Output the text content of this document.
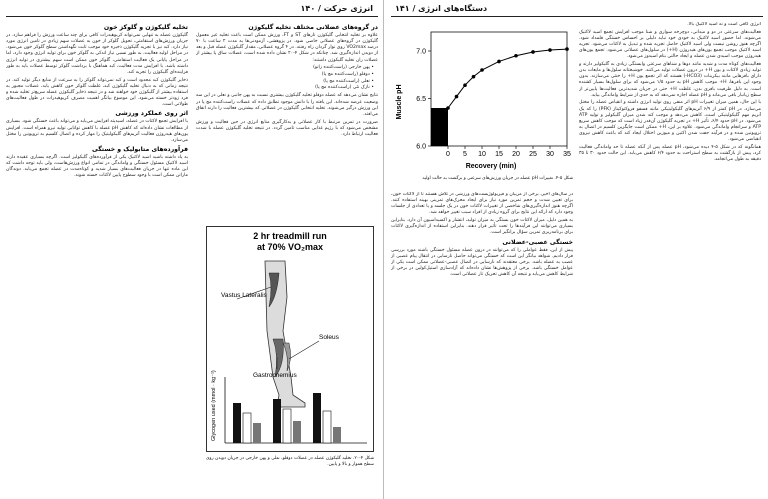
۱۴۰ / انرژی حرکت
در گروه‌های عضلانی مختلف تخلیه گلیکوژن

علاوه بر تخلیه انتخابی گلیکوژن تارهای ST و FT، ورزش ممکن است باعث تخلیه غیر معمول گلیکوژن در گروه‌های عضلانی خاصی شود. در پژوهشی، آزمودنی‌ها به مدت ۲ ساعت با ۷۰ درصد VO2max روی نوار گردان راه رفتند. در ۴ گروه عضلانی، مقدار گلیکوژن عضله قبل و بعد از دویدن اندازه‌گیری شد. چنانکه در شکل ۴-۲۰ نشان داده شده است، عضلات ساق پا بیشتر از عضلات ران تخلیه گلیکوژن داشتند:

• پهن خارجی (راست‌کننده زانو)
• دوقلو (راست‌کننده مچ پا)
• نعلی (راست‌کننده مچ پا)
• نازک نئی (راست‌کننده مچ پا)

نتایج نشان می‌دهد که عضله دوقلو تخلیه گلیکوژن بیشتری نسبت به پهن جانبی و نعلی در این سه وضعیت عرضه شده‌اند. این یافته را با دانش موجود تطابق داده که عضلات راست‌کننده مچ پا در این ورزش درگیر می‌شوند. تخلیه انتخابی گلیکوژن در عضلاتی که بیشترین فعالیت را دارند اتفاق می‌افتد.

ضرورت در تمرین مرتبط با کار عضلانی و به‌کارگیری منابع انرژی در حین فعالیت و ورزش مشخص می‌شود که با رژیم غذایی مناسب تامین گردد. در نتیجه تخلیه گلیکوژن عضله با شدت فعالیت ارتباط دارد.

تخلیه گلیکوژن و گلوکز خون

گلیکوژن عضله به تنهایی نمی‌تواند کربوهیدرات کافی برای چند ساعت ورزش را فراهم سازد. در جریان ورزش‌های استقامتی، تحویل گلوکز از خون به عضلات سهم زیادی در تامین انرژی مورد نیاز دارد. کبد نیز با تجزیه گلیکوژن ذخیره خود موجب ثابت نگهداشتن سطح گلوکز خون می‌شود. در مراحل اولیه فعالیت، به طور نسبی نیاز اندکی به گلوکز خون برای تولید انرژی وجود دارد، اما در مراحل پایانی یک فعالیت استقامتی، گلوکز خون ممکن است سهم بیشتری در تولید انرژی داشته باشد. با افزایش مدت فعالیت، کبد هماهنگ با برداشت گلوکز توسط عضلات باید به طور فزاینده‌ای گلیکوژن را تجزیه کند.

ذخایر گلیکوژن کبد محدود است و کبد نمی‌تواند گلوکز را به سرعت از منابع دیگر تولید کند. در نتیجه زمانی که به دنبال تخلیه گلیکوژن کبد، غلظت گلوکز خون کاهش یابد، عضلات مجبور به استفاده بیشتر از گلیکوژن خود خواهند شد و در نتیجه ذخایر گلیکوژن عضله سریع‌تر تخلیه شده و فرد زودتر خسته می‌شود. این موضوع بیانگر اهمیت مصرف کربوهیدرات در طول فعالیت‌های طولانی است.

اثر روی عملکرد ورزشی

با افزایش تجمع لاکتات در عضله، اسیدیته افزایش می‌یابد و می‌تواند باعث خستگی شود. بسیاری از مطالعات نشان داده‌اند که کاهش pH عضله با کاهش توانایی تولید نیرو همراه است. افزایش یون‌های هیدروژن فعالیت آنزیم‌های گلیکولیتیک را مهار کرده و اتصال کلسیم به تروپونین را مختل می‌سازد.

فرآورده‌های متابولیک و خستگی

به یاد داشته باشید اسید لاکتیک یکی از فرآورده‌های گلیکولیز است. اگرچه بسیاری عقیده دارند اسید لاکتیک مسئول خستگی و واماندگی در تمامی انواع ورزش‌هاست، ولی باید توجه داشت که این ماده تنها در جریان فعالیت‌های بسیار شدید و کوتاه‌مدت در عضله تجمع می‌یابد. دوندگان ماراتن ممکن است با وجود سطوح پایین لاکتات خسته شوند.

2 hr treadmill run
at 70% VO₂max
Vastus Lateralis
Soleus
Gastrocnemius
Glycogen used (mmol · kg⁻¹)
شکل ۴-۲۰. تخلیه گلیکوژن عضله در عضلات دوقلو، نعلی و پهن خارجی در جریان دویدن روی سطح هموار و بالا و پایین.
دستگاه‌های انرژی / ۱۴۱

انرژی کافی است و نه اسید لاکتیک بالا.

فعالیت‌های سرعتی در دو و میدانی، دوچرخه سواری و شنا موجب افزایش تجمع اسید لاکتیک می‌شوند. اما حضور اسید لاکتیک به خودی خود نباید دلیلی بر احساس خستگی قلمداد شود. اگرچه هنوز روشن نیست ولی اسید لاکتیک حاصل تجزیه شده و تبدیل به لاکتات می‌شود. تجزیه اسید لاکتیک موجب تجمع یون‌های هیدروژن (H+) در سلول‌های عضلانی می‌شود. تجمع یون‌های هیدروژن موجب اسیدی شدن عضله و ایجاد حالتی بنام اسیدوز می‌شود.

فعالیت‌های کوتاه مدت و شدید مانند دوها و شناهای سرعتی وابستگی زیادی به گلیکولیز دارند و تولید زیادی لاکتات و یون H+ در درون عضلات تولید می‌کنند. خوشبختانه سلول‌ها و مایعات بدن دارای بافرهایی مانند بیکربنات (HCO3-) هستند که اثر تجمع یون H+ را خنثی می‌سازند. بدون وجود این بافرها، H+ موجب کاهش pH به حدود ۱/۵ می‌شود که برای سلول‌ها بسیار کشنده است. به دلیل ظرفیت بافری بدن، غلظت H+ حتی در جریان شدیدترین فعالیت‌ها پایین‌تر از سطح زیانبار باقی می‌ماند و pH عضله اجازه نمی‌دهد که به حدی از شرایط واماندگی بیاید.

با این حال، همین میزان تغییرات pH اثر منفی روی تولید انرژی داشته و انقباض عضله را مختل می‌سازد. در pH کمتر از ۶/۹ آنزیم‌های گلیکولیتیکی مانند فسفو فروکتوکیناز (PFK) را که یک آنزیم مهم گلیکولیتیکی است، کاهش می‌دهد و موجب کند شدن میزان گلیکولیز و تولید ATP می‌شود. در pH حدود ۶/۴، تأثیر H+ در تجزیه گلیکوژن آن‌قدر زیاد است که موجب کاهش سریع ATP و سرانجام واماندگی می‌شود. علاوه بر این، H+ ممکن است جایگزین کلسیم در اتصال به تروپونین شده و در فرآیند جفت شدن اکتین و میوزین اختلال ایجاد کند که باعث کاهش نیروی انقباضی می‌شود.

همانگونه که در شکل ۵-۴ دیده می‌شود، pH عضله پس از آنکه عضله تا حد واماندگی فعالیت کرد، پیش از بازگشت به سطح استراحت به حدود ۶/۴ کاهش می‌یابد. این حالت حدود ۳۰ تا ۳۵ دقیقه به طول می‌انجامد.

6.0
6.5
7.0
0 5 10 15 20 25 30 35
Recovery (min)
Muscle pH
شکل ۵-۴. تغییرات pH عضله در جریان ورزش‌های سرعتی و برگشت به حالت اولیه

در سال‌های اخیر، برخی از مربیان و فیزیولوژیست‌های ورزشی در تلاش هستند تا از لاکتات خون، برای تعیین شدت و حجم تمرین مورد نیاز برای ایجاد محرک‌های تمرینی بهینه استفاده کنند. اگرچه هنوز اندازه‌گیری‌های شاخصی از تغییرات لاکتات خون در یک جلسه و یا تعدادی از جلسات وجود دارد که ارائه این نتایج برای گروه زیادی از افراد سبب تغییر خواهد شد.

به همین دلیل، میزان لاکتات خون بستگی به میزان تولید، انتشار و اکسیداسیون آن دارد. بنابراین بسیاری می‌توانند این فرآیندها را تحت تأثیر قرار دهند. بنابراین استفاده از اندازه‌گیری لاکتات برای برنامه‌ریزی تمرین سؤال برانگیز است.

خستگی عصبی-عضلانی

پیش از این، فقط عواملی را که می‌توانند در درون عضله مسئول خستگی باشند مورد بررسی قرار دادیم. شواهد بیانگر این است که خستگی می‌تواند حاصل نارسایی در انتقال پیام عصبی از عصب به عضله باشد. برخی معتقدند که نارسایی در اتصال عصبی-عضلانی ممکن است یکی از عوامل خستگی باشد. برخی از پژوهش‌ها نشان داده‌اند که آزادسازی استیل‌کولین در برخی از شرایط کاهش می‌یابد و نتیجه آن کاهش تحریک تار عضلانی است.
